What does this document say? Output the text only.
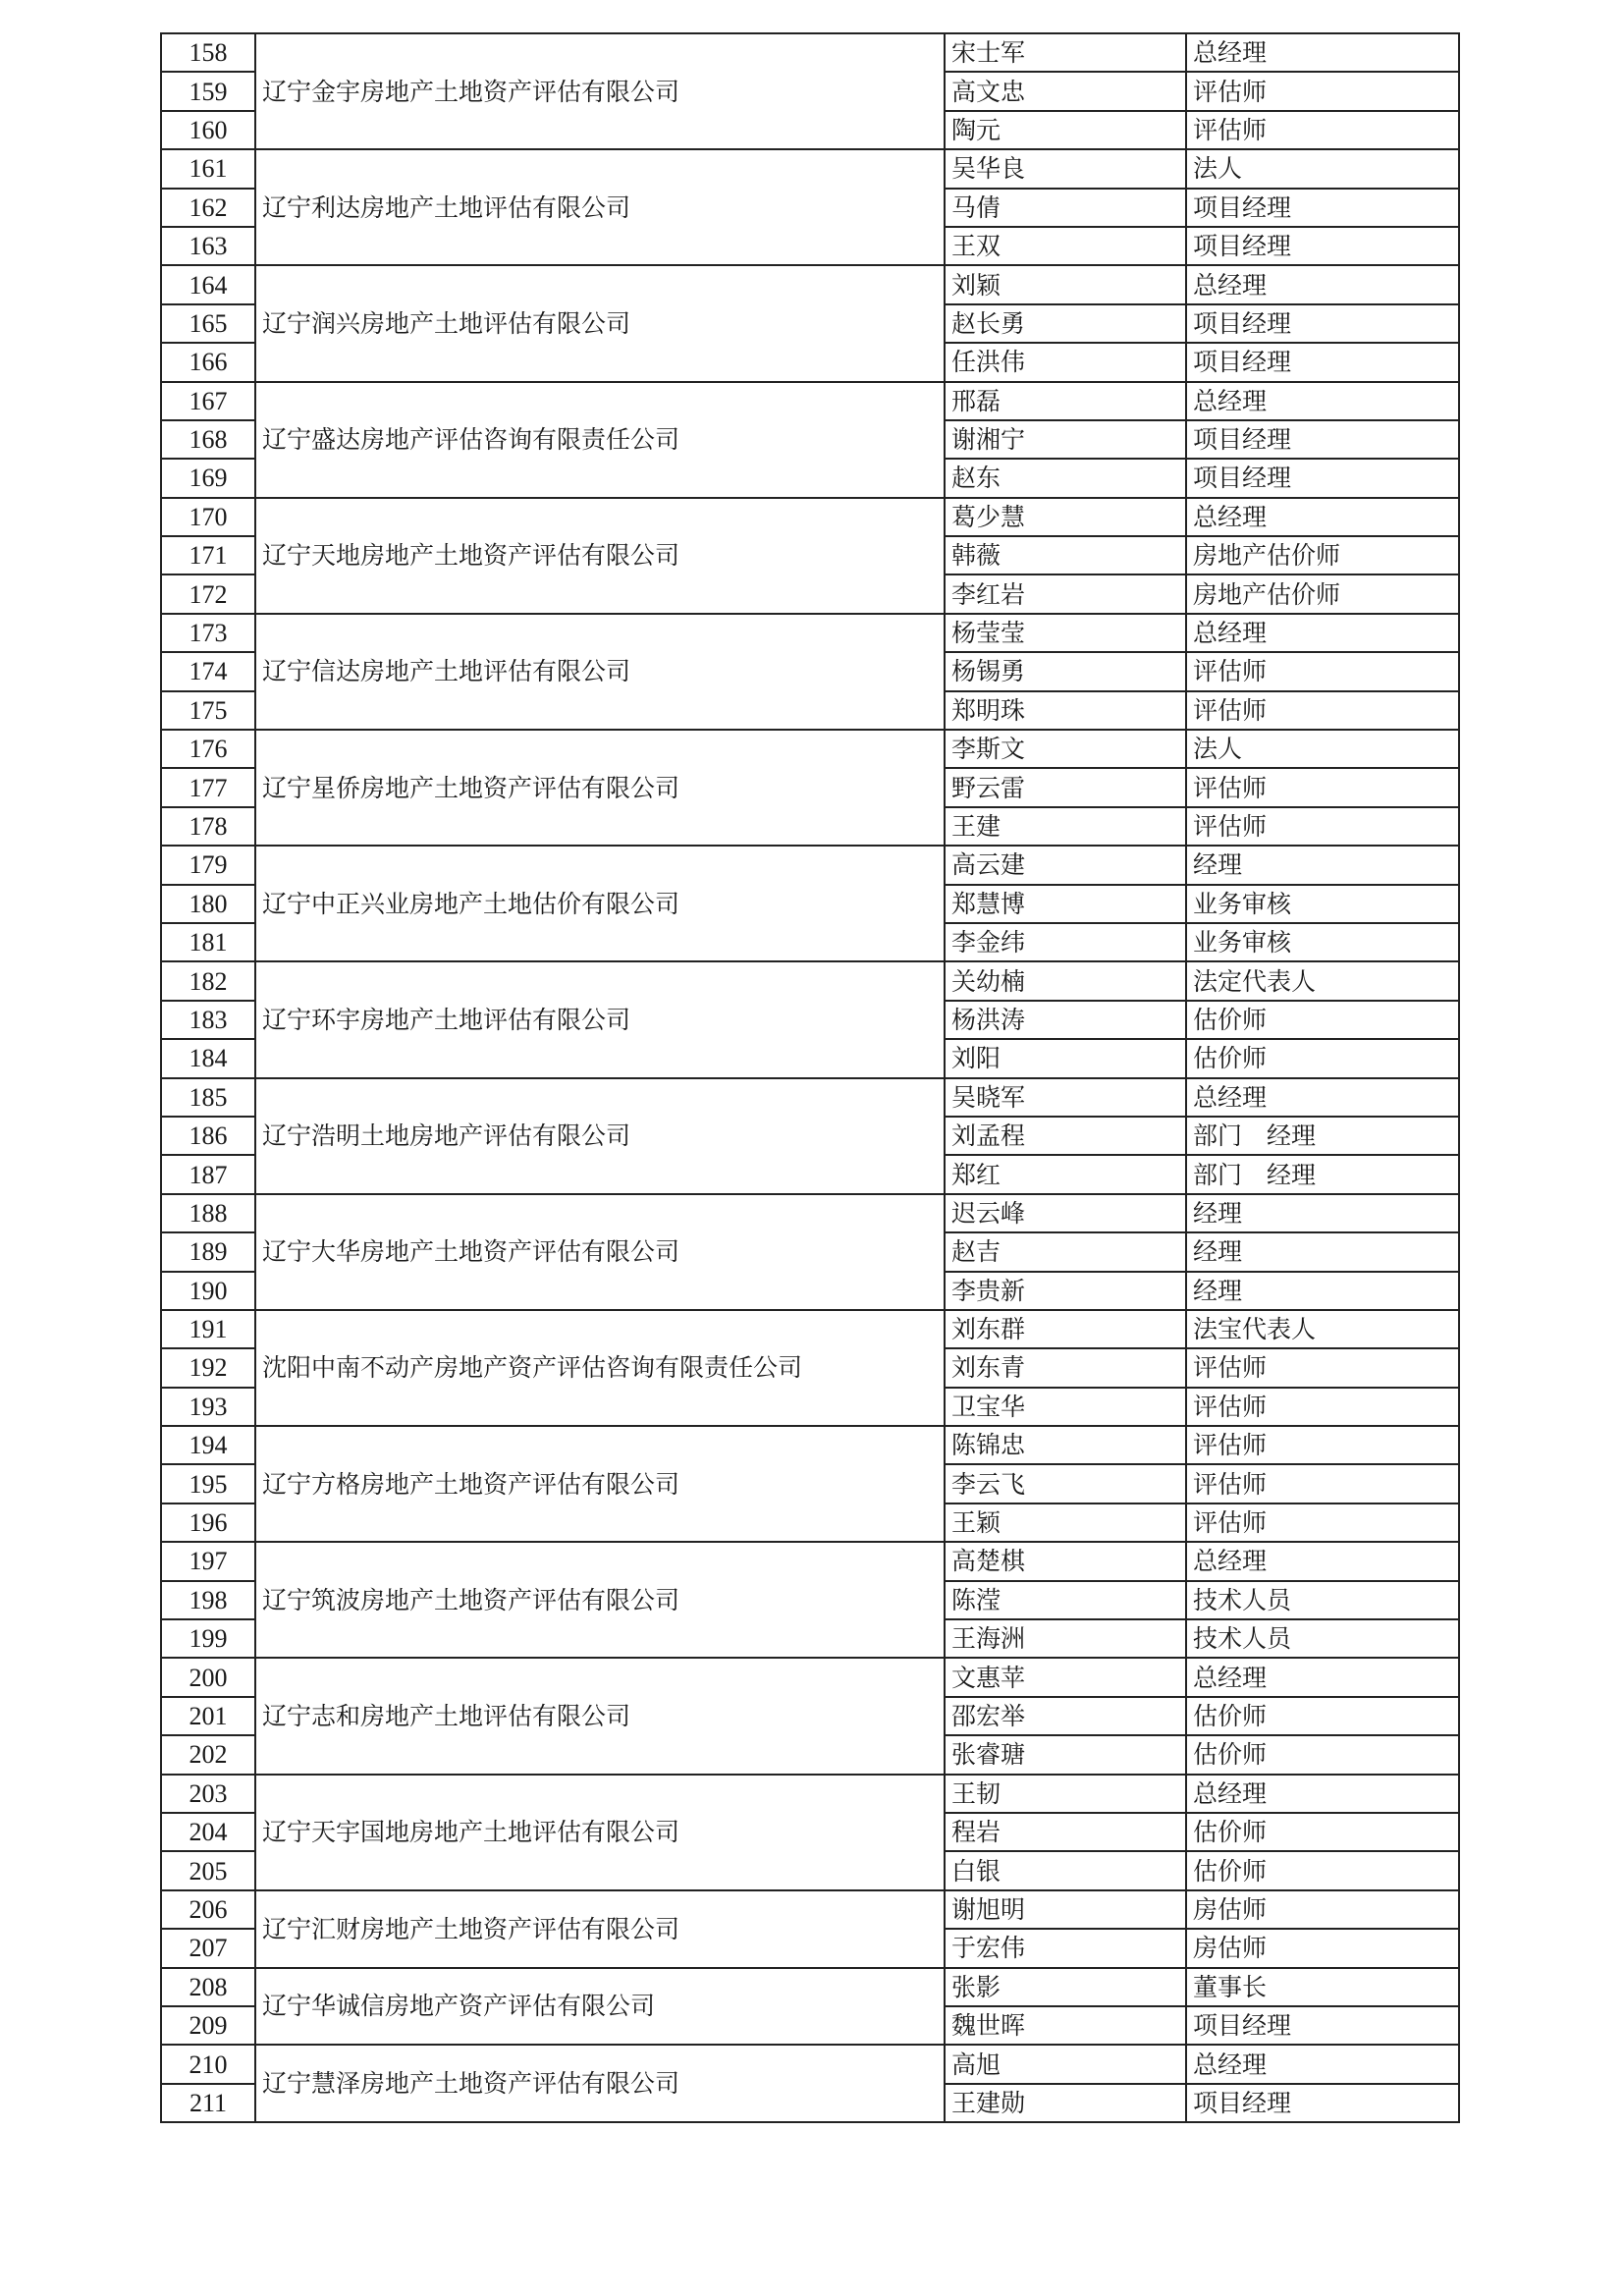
158	辽宁金宇房地产土地资产评估有限公司	宋士军	总经理
159		高文忠	评估师
160		陶元	评估师
161	辽宁利达房地产土地评估有限公司	吴华良	法人
162		马倩	项目经理
163		王双	项目经理
164	辽宁润兴房地产土地评估有限公司	刘颖	总经理
165		赵长勇	项目经理
166		任洪伟	项目经理
167	辽宁盛达房地产评估咨询有限责任公司	邢磊	总经理
168		谢湘宁	项目经理
169		赵东	项目经理
170	辽宁天地房地产土地资产评估有限公司	葛少慧	总经理
171		韩薇	房地产估价师
172		李红岩	房地产估价师
173	辽宁信达房地产土地评估有限公司	杨莹莹	总经理
174		杨锡勇	评估师
175		郑明珠	评估师
176	辽宁星侨房地产土地资产评估有限公司	李斯文	法人
177		野云雷	评估师
178		王建	评估师
179	辽宁中正兴业房地产土地估价有限公司	高云建	经理
180		郑慧博	业务审核
181		李金纬	业务审核
182	辽宁环宇房地产土地评估有限公司	关幼楠	法定代表人
183		杨洪涛	估价师
184		刘阳	估价师
185	辽宁浩明土地房地产评估有限公司	吴晓军	总经理
186		刘孟程	部门　经理
187		郑红	部门　经理
188	辽宁大华房地产土地资产评估有限公司	迟云峰	经理
189		赵吉	经理
190		李贵新	经理
191	沈阳中南不动产房地产资产评估咨询有限责任公司	刘东群	法宝代表人
192		刘东青	评估师
193		卫宝华	评估师
194	辽宁方格房地产土地资产评估有限公司	陈锦忠	评估师
195		李云飞	评估师
196		王颖	评估师
197	辽宁筑波房地产土地资产评估有限公司	高楚棋	总经理
198		陈滢	技术人员
199		王海洲	技术人员
200	辽宁志和房地产土地评估有限公司	文惠苹	总经理
201		邵宏举	估价师
202		张睿瑭	估价师
203	辽宁天宇国地房地产土地评估有限公司	王韧	总经理
204		程岩	估价师
205		白银	估价师
206	辽宁汇财房地产土地资产评估有限公司	谢旭明	房估师
207		于宏伟	房估师
208	辽宁华诚信房地产资产评估有限公司	张影	董事长
209		魏世晖	项目经理
210	辽宁慧泽房地产土地资产评估有限公司	高旭	总经理
211		王建勋	项目经理
